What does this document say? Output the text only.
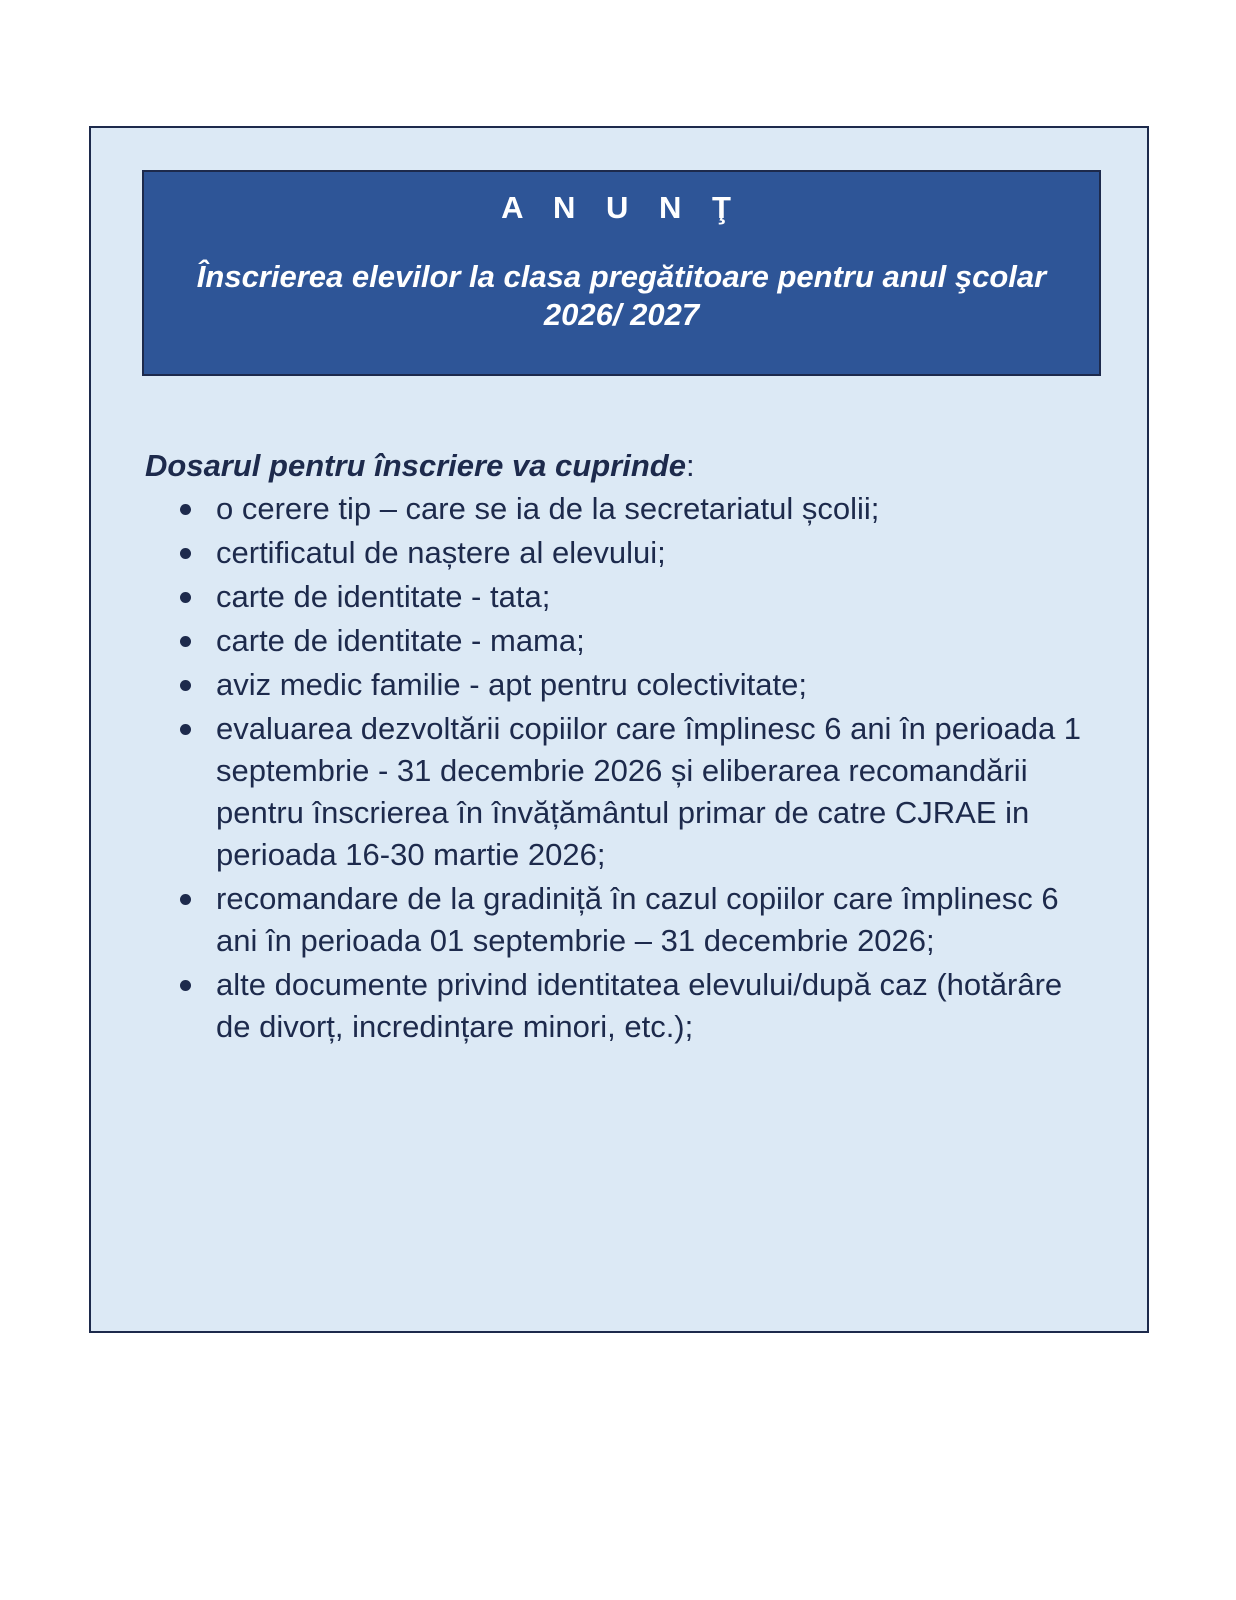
A N U N Ţ
Înscrierea elevilor la clasa pregătitoare pentru anul şcolar 2026/ 2027

Dosarul pentru înscriere va cuprinde:

o cerere tip – care se ia de la secretariatul școlii;
certificatul de naștere al elevului;
carte de identitate - tata;
carte de identitate - mama;
aviz medic familie - apt pentru colectivitate;
evaluarea dezvoltării copiilor care împlinesc 6 ani în perioada 1 septembrie - 31 decembrie 2026 și eliberarea recomandării pentru înscrierea în învățământul primar de catre CJRAE in perioada 16-30 martie 2026;
recomandare de la gradiniță în cazul copiilor care împlinesc 6 ani în perioada 01 septembrie – 31 decembrie 2026;
alte documente privind identitatea elevului/după caz (hotărâre de divorț, incredințare minori, etc.);
